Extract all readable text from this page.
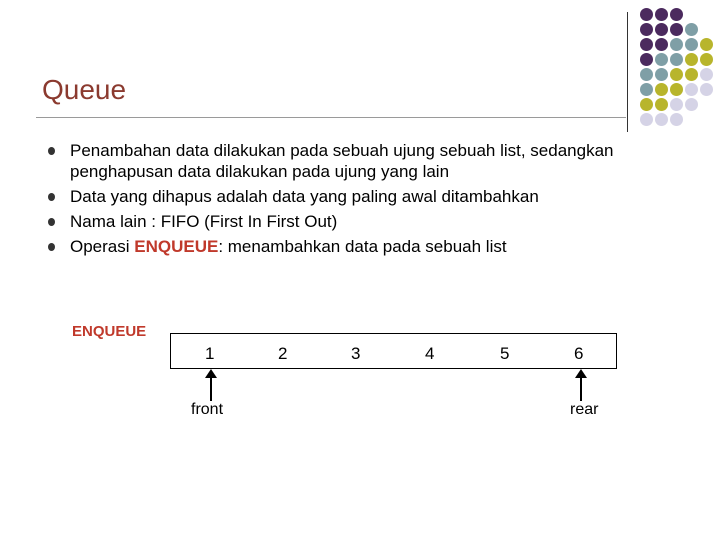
Queue
Penambahan data dilakukan pada sebuah ujung sebuah list, sedangkan penghapusan data dilakukan pada ujung yang lain
Data yang dihapus adalah data yang paling awal ditambahkan
Nama lain : FIFO (First In First Out)
Operasi ENQUEUE: menambahkan data pada sebuah list
ENQUEUE
1	2	3	4	5	6
front	rear
